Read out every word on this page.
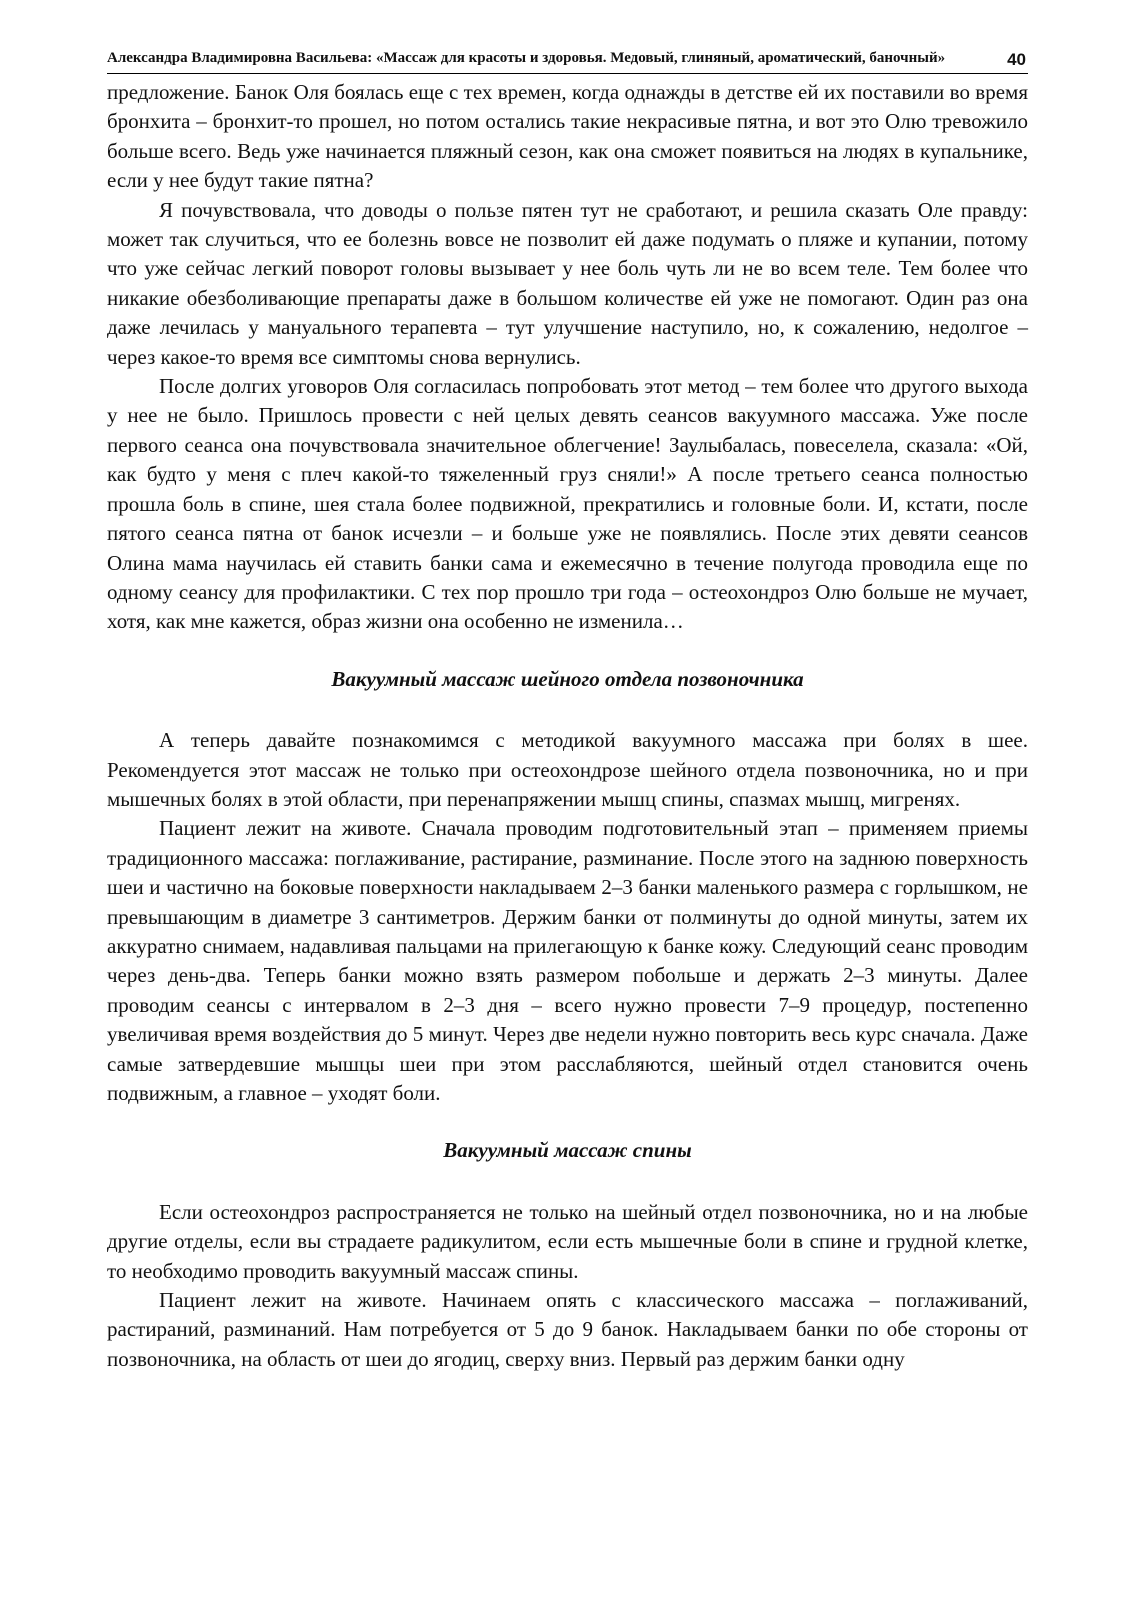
Александра Владимировна Васильева: «Массаж для красоты и здоровья. Медовый, глиняный, ароматический, баночный»	40

предложение. Банок Оля боялась еще с тех времен, когда однажды в детстве ей их поставили во время бронхита – бронхит-то прошел, но потом остались такие некрасивые пятна, и вот это Олю тревожило больше всего. Ведь уже начинается пляжный сезон, как она сможет появиться на людях в купальнике, если у нее будут такие пятна?

Я почувствовала, что доводы о пользе пятен тут не сработают, и решила сказать Оле правду: может так случиться, что ее болезнь вовсе не позволит ей даже подумать о пляже и купании, потому что уже сейчас легкий поворот головы вызывает у нее боль чуть ли не во всем теле. Тем более что никакие обезболивающие препараты даже в большом количестве ей уже не помогают. Один раз она даже лечилась у мануального терапевта – тут улучшение наступило, но, к сожалению, недолгое – через какое-то время все симптомы снова вернулись.

После долгих уговоров Оля согласилась попробовать этот метод – тем более что другого выхода у нее не было. Пришлось провести с ней целых девять сеансов вакуумного массажа. Уже после первого сеанса она почувствовала значительное облегчение! Заулыбалась, повеселела, сказала: «Ой, как будто у меня с плеч какой-то тяжеленный груз сняли!» А после третьего сеанса полностью прошла боль в спине, шея стала более подвижной, прекратились и головные боли. И, кстати, после пятого сеанса пятна от банок исчезли – и больше уже не появлялись. После этих девяти сеансов Олина мама научилась ей ставить банки сама и ежемесячно в течение полугода проводила еще по одному сеансу для профилактики. С тех пор прошло три года – остеохондроз Олю больше не мучает, хотя, как мне кажется, образ жизни она особенно не изменила…

Вакуумный массаж шейного отдела позвоночника

А теперь давайте познакомимся с методикой вакуумного массажа при болях в шее. Рекомендуется этот массаж не только при остеохондрозе шейного отдела позвоночника, но и при мышечных болях в этой области, при перенапряжении мышц спины, спазмах мышц, мигренях.

Пациент лежит на животе. Сначала проводим подготовительный этап – применяем приемы традиционного массажа: поглаживание, растирание, разминание. После этого на заднюю поверхность шеи и частично на боковые поверхности накладываем 2–3 банки маленького размера с горлышком, не превышающим в диаметре 3 сантиметров. Держим банки от полминуты до одной минуты, затем их аккуратно снимаем, надавливая пальцами на прилегающую к банке кожу. Следующий сеанс проводим через день-два. Теперь банки можно взять размером побольше и держать 2–3 минуты. Далее проводим сеансы с интервалом в 2–3 дня – всего нужно провести 7–9 процедур, постепенно увеличивая время воздействия до 5 минут. Через две недели нужно повторить весь курс сначала. Даже самые затвердевшие мышцы шеи при этом расслабляются, шейный отдел становится очень подвижным, а главное – уходят боли.

Вакуумный массаж спины

Если остеохондроз распространяется не только на шейный отдел позвоночника, но и на любые другие отделы, если вы страдаете радикулитом, если есть мышечные боли в спине и грудной клетке, то необходимо проводить вакуумный массаж спины.

Пациент лежит на животе. Начинаем опять с классического массажа – поглаживаний, растираний, разминаний. Нам потребуется от 5 до 9 банок. Накладываем банки по обе стороны от позвоночника, на область от шеи до ягодиц, сверху вниз. Первый раз держим банки одну
